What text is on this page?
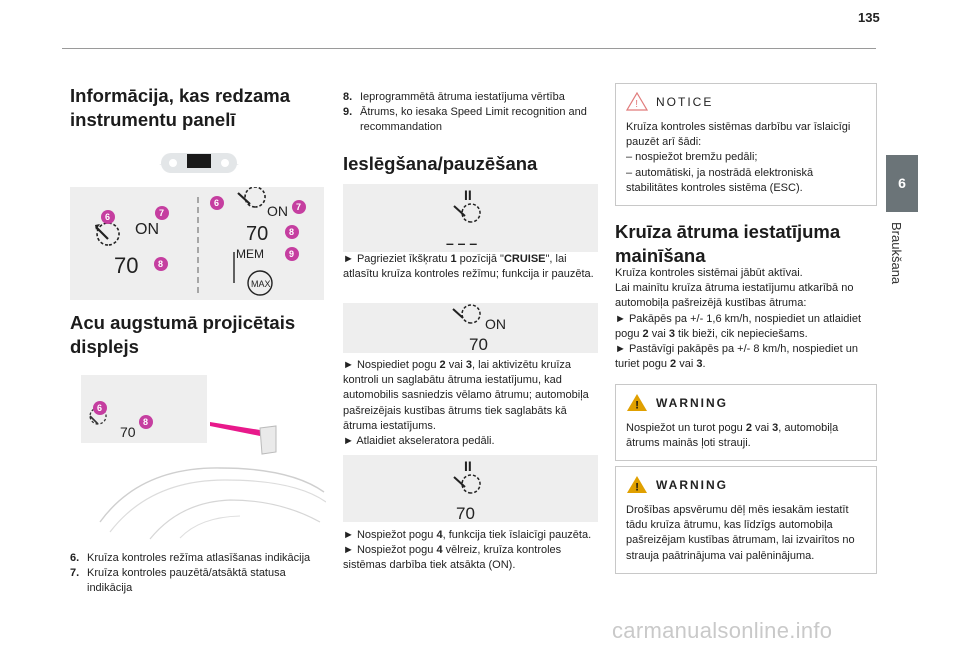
135
6
Braukšana
Informācija, kas redzama instrumentu panelī
ON
70
ON
70
MEM
MAX
6	7
8
6	7
8
9
Acu augstumā projicētais displejs
70
6
8
6. Kruīza kontroles režīma atlasīšanas indikācija
7. Kruīza kontroles pauzētā/atsāktā statusa indikācija
8. Ieprogrammētā ātruma iestatījuma vērtība
9. Ātrums, ko iesaka Speed Limit recognition and recommandation
Ieslēgšana/pauzēšana
II
– – –
► Pagrieziet īkšķratu 1 pozīcijā "CRUISE", lai atlasītu kruīza kontroles režīmu; funkcija ir pauzēta.
ON
70
► Nospiediet pogu 2 vai 3, lai aktivizētu kruīza kontroli un saglabātu ātruma iestatījumu, kad automobilis sasniedzis vēlamo ātrumu; automobiļa pašreizējais kustības ātrums tiek saglabāts kā ātruma iestatījums.
► Atlaidiet akseleratora pedāli.
II
70
► Nospiežot pogu 4, funkcija tiek īslaicīgi pauzēta.
► Nospiežot pogu 4 vēlreiz, kruīza kontroles sistēmas darbība tiek atsākta (ON).
! NOTICE
Kruīza kontroles sistēmas darbību var īslaicīgi pauzēt arī šādi:
– nospiežot bremžu pedāli;
– automātiski, ja nostrādā elektroniskā stabilitātes kontroles sistēma (ESC).
Kruīza ātruma iestatījuma mainīšana
Kruīza kontroles sistēmai jābūt aktīvai.
Lai mainītu kruīza ātruma iestatījumu atkarībā no automobiļa pašreizējā kustības ātruma:
► Pakāpēs pa +/- 1,6 km/h, nospiediet un atlaidiet pogu 2 vai 3 tik bieži, cik nepieciešams.
► Pastāvīgi pakāpēs pa +/- 8 km/h, nospiediet un turiet pogu 2 vai 3.
! WARNING
Nospiežot un turot pogu 2 vai 3, automobiļa ātrums mainās ļoti strauji.
! WARNING
Drošības apsvērumu dēļ mēs iesakām iestatīt tādu kruīza ātrumu, kas līdzīgs automobiļa pašreizējam kustības ātrumam, lai izvairītos no strauja paātrinājuma vai palēninājuma.
carmanualsonline.info
